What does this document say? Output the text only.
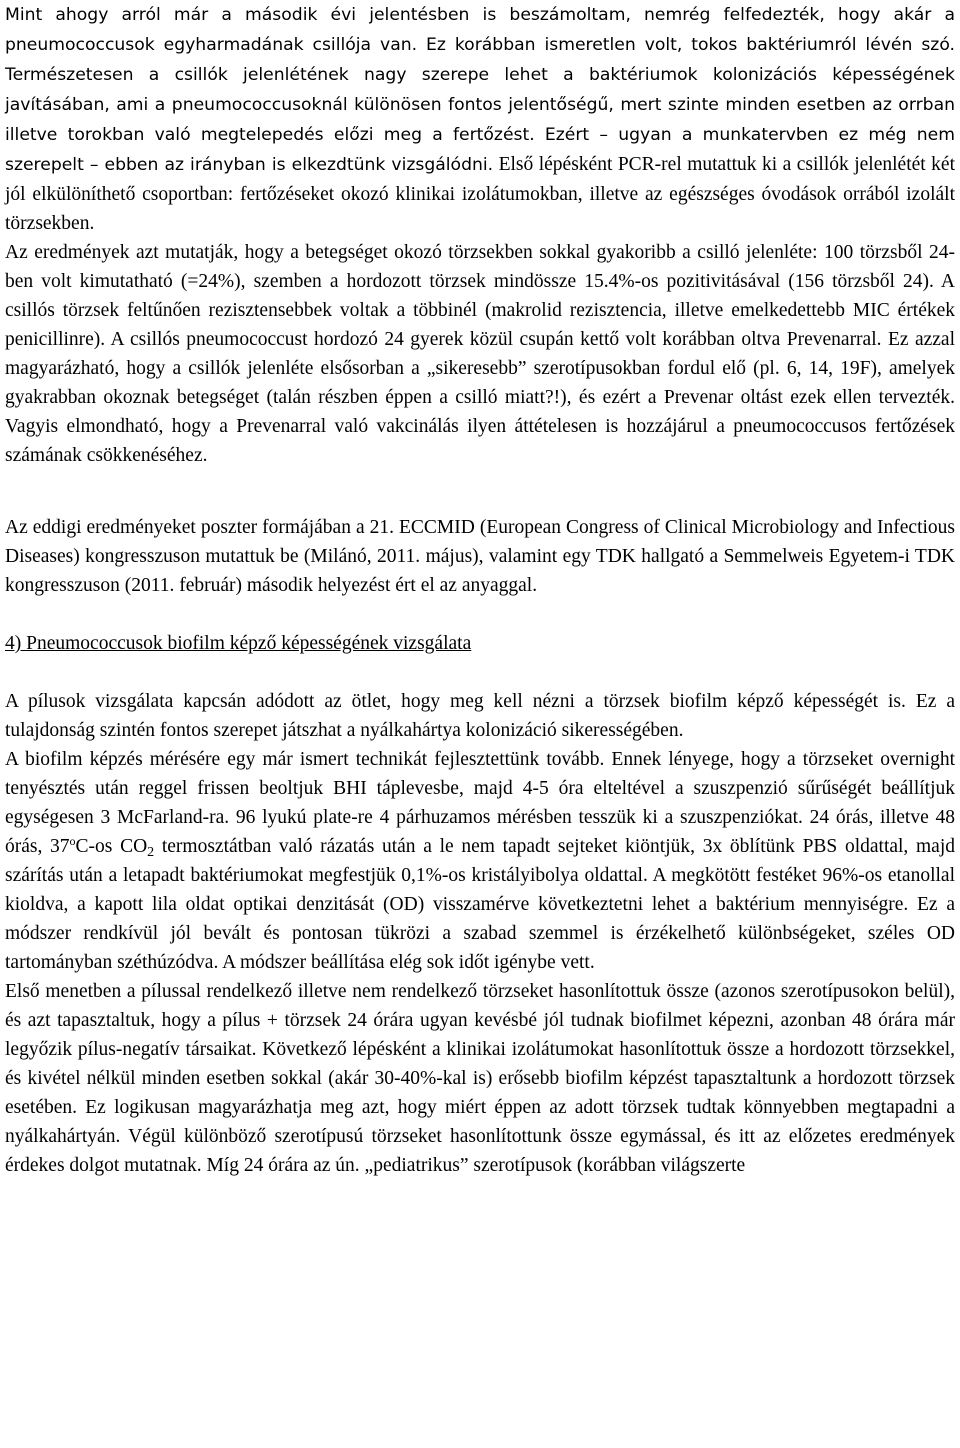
Mint ahogy arról már a második évi jelentésben is beszámoltam, nemrég felfedezték, hogy akár a pneumococcusok egyharmadának csillója van. Ez korábban ismeretlen volt, tokos baktériumról lévén szó. Természetesen a csillók jelenlétének nagy szerepe lehet a baktériumok kolonizációs képességének javításában, ami a pneumococcusoknál különösen fontos jelentőségű, mert szinte minden esetben az orrban illetve torokban való megtelepedés előzi meg a fertőzést. Ezért – ugyan a munkatervben ez még nem szerepelt – ebben az irányban is elkezdtünk vizsgálódni. Első lépésként PCR-rel mutattuk ki a csillók jelenlétét két jól elkülöníthető csoportban: fertőzéseket okozó klinikai izolátumokban, illetve az egészséges óvodások orrából izolált törzsekben.

Az eredmények azt mutatják, hogy a betegséget okozó törzsekben sokkal gyakoribb a csilló jelenléte: 100 törzsből 24-ben volt kimutatható (=24%), szemben a hordozott törzsek mindössze 15.4%-os pozitivitásával (156 törzsből 24). A csillós törzsek feltűnően rezisztensebbek voltak a többinél (makrolid rezisztencia, illetve emelkedettebb MIC értékek penicillinre). A csillós pneumococcust hordozó 24 gyerek közül csupán kettő volt korábban oltva Prevenarral. Ez azzal magyarázható, hogy a csillók jelenléte elsősorban a „sikeresebb” szerotípusokban fordul elő (pl. 6, 14, 19F), amelyek gyakrabban okoznak betegséget (talán részben éppen a csilló miatt?!), és ezért a Prevenar oltást ezek ellen tervezték. Vagyis elmondható, hogy a Prevenarral való vakcinálás ilyen áttételesen is hozzájárul a pneumococcusos fertőzések számának csökkenéséhez.

Az eddigi eredményeket poszter formájában a 21. ECCMID (European Congress of Clinical Microbiology and Infectious Diseases) kongresszuson mutattuk be (Milánó, 2011. május), valamint egy TDK hallgató a Semmelweis Egyetem-i TDK kongresszuson (2011. február) második helyezést ért el az anyaggal.

4) Pneumococcusok biofilm képző képességének vizsgálata

A pílusok vizsgálata kapcsán adódott az ötlet, hogy meg kell nézni a törzsek biofilm képző képességét is. Ez a tulajdonság szintén fontos szerepet játszhat a nyálkahártya kolonizáció sikerességében.

A biofilm képzés mérésére egy már ismert technikát fejlesztettünk tovább. Ennek lényege, hogy a törzseket overnight tenyésztés után reggel frissen beoltjuk BHI táplevesbe, majd 4-5 óra elteltével a szuszpenzió sűrűségét beállítjuk egységesen 3 McFarland-ra. 96 lyukú plate-re 4 párhuzamos mérésben tesszük ki a szuszpenziókat. 24 órás, illetve 48 órás, 37$^o$C-os $CO_2$ termosztátban való rázatás után a le nem tapadt sejteket kiöntjük, 3x öblítünk PBS oldattal, majd szárítás után a letapadt baktériumokat megfestjük 0,1%-os kristályibolya oldattal. A megkötött festéket 96%-os etanollal kioldva, a kapott lila oldat optikai denzitását (OD) visszamérve következtetni lehet a baktérium mennyiségre. Ez a módszer rendkívül jól bevált és pontosan tükrözi a szabad szemmel is érzékelhető különbségeket, széles OD tartományban széthúzódva. A módszer beállítása elég sok időt igénybe vett.

Első menetben a pílussal rendelkező illetve nem rendelkező törzseket hasonlítottuk össze (azonos szerotípusokon belül), és azt tapasztaltuk, hogy a pílus + törzsek 24 órára ugyan kevésbé jól tudnak biofilmet képezni, azonban 48 órára már legyőzik pílus-negatív társaikat. Következő lépésként a klinikai izolátumokat hasonlítottuk össze a hordozott törzsekkel, és kivétel nélkül minden esetben sokkal (akár 30-40%-kal is) erősebb biofilm képzést tapasztaltunk a hordozott törzsek esetében. Ez logikusan magyarázhatja meg azt, hogy miért éppen az adott törzsek tudtak könnyebben megtapadni a nyálkahártyán. Végül különböző szerotípusú törzseket hasonlítottunk össze egymással, és itt az előzetes eredmények érdekes dolgot mutatnak. Míg 24 órára az ún. „pediatrikus” szerotípusok (korábban világszerte
